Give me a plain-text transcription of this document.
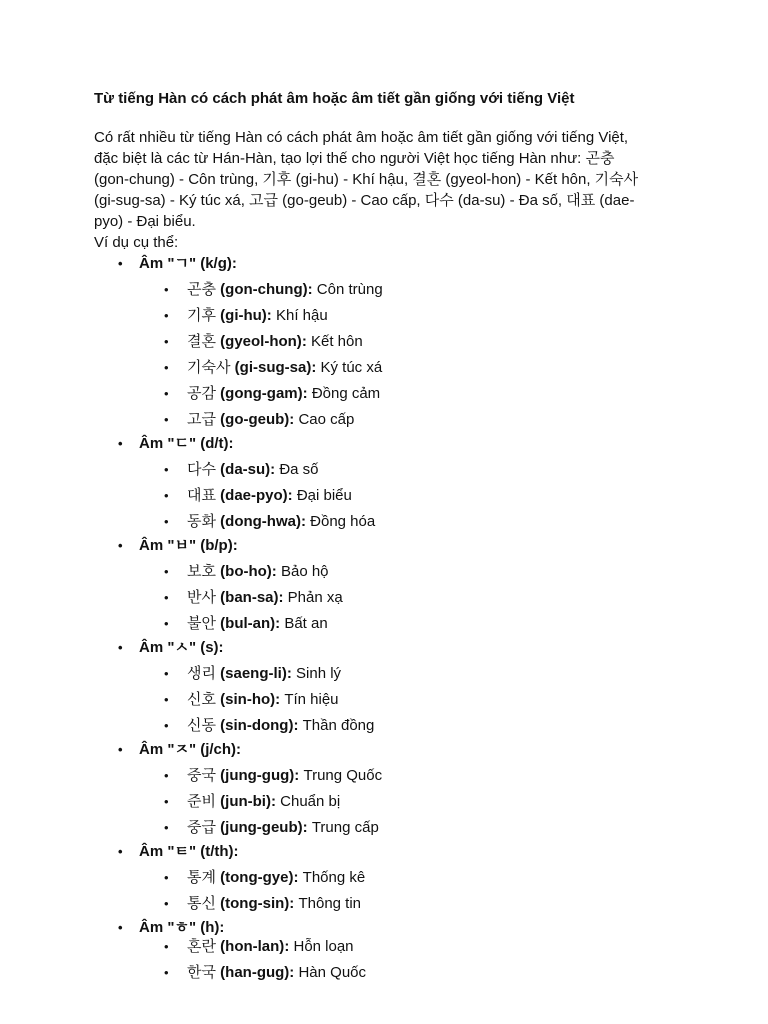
Từ tiếng Hàn có cách phát âm hoặc âm tiết gần giống với tiếng Việt

Có rất nhiều từ tiếng Hàn có cách phát âm hoặc âm tiết gần giống với tiếng Việt,
đặc biệt là các từ Hán-Hàn, tạo lợi thế cho người Việt học tiếng Hàn như: 곤충
(gon-chung) - Côn trùng, 기후 (gi-hu) - Khí hậu, 결혼 (gyeol-hon) - Kết hôn, 기숙사
(gi-sug-sa) - Ký túc xá, 고급 (go-geub) - Cao cấp, 다수 (da-su) - Đa số, 대표 (dae-
pyo) - Đại biểu.
Ví dụ cụ thể:
• Âm "ㄱ" (k/g):
• 곤충 (gon-chung): Côn trùng
• 기후 (gi-hu): Khí hậu
• 결혼 (gyeol-hon): Kết hôn
• 기숙사 (gi-sug-sa): Ký túc xá
• 공감 (gong-gam): Đồng cảm
• 고급 (go-geub): Cao cấp
• Âm "ㄷ" (d/t):
• 다수 (da-su): Đa số
• 대표 (dae-pyo): Đại biểu
• 동화 (dong-hwa): Đồng hóa
• Âm "ㅂ" (b/p):
• 보호 (bo-ho): Bảo hộ
• 반사 (ban-sa): Phản xạ
• 불안 (bul-an): Bất an
• Âm "ㅅ" (s):
• 생리 (saeng-li): Sinh lý
• 신호 (sin-ho): Tín hiệu
• 신동 (sin-dong): Thần đồng
• Âm "ㅈ" (j/ch):
• 중국 (jung-gug): Trung Quốc
• 준비 (jun-bi): Chuẩn bị
• 중급 (jung-geub): Trung cấp
• Âm "ㅌ" (t/th):
• 통계 (tong-gye): Thống kê
• 통신 (tong-sin): Thông tin
• Âm "ㅎ" (h):
• 혼란 (hon-lan): Hỗn loạn
• 한국 (han-gug): Hàn Quốc
